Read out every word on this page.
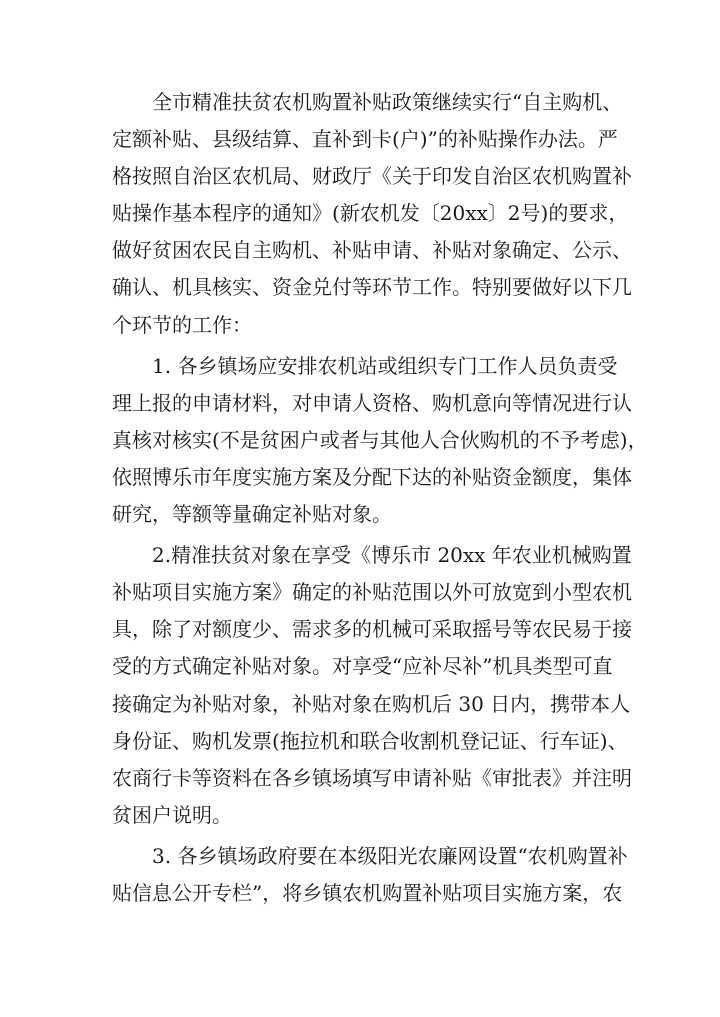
全市精准扶贫农机购置补贴政策继续实行“自主购机、
定额补贴、县级结算、直补到卡(户)”的补贴操作办法。严
格按照自治区农机局、财政厅《关于印发自治区农机购置补
贴操作基本程序的通知》(新农机发〔20xx〕2号)的要求，
做好贫困农民自主购机、补贴申请、补贴对象确定、公示、
确认、机具核实、资金兑付等环节工作。特别要做好以下几
个环节的工作：
1. 各乡镇场应安排农机站或组织专门工作人员负责受
理上报的申请材料，对申请人资格、购机意向等情况进行认
真核对核实(不是贫困户或者与其他人合伙购机的不予考虑)，
依照博乐市年度实施方案及分配下达的补贴资金额度，集体
研究，等额等量确定补贴对象。
2.精准扶贫对象在享受《博乐市 20xx 年农业机械购置
补贴项目实施方案》确定的补贴范围以外可放宽到小型农机
具，除了对额度少、需求多的机械可采取摇号等农民易于接
受的方式确定补贴对象。对享受“应补尽补”机具类型可直
接确定为补贴对象，补贴对象在购机后 30 日内，携带本人
身份证、购机发票(拖拉机和联合收割机登记证、行车证)、
农商行卡等资料在各乡镇场填写申请补贴《审批表》并注明
贫困户说明。
3. 各乡镇场政府要在本级阳光农廉网设置“农机购置补
贴信息公开专栏”，将乡镇农机购置补贴项目实施方案，农
